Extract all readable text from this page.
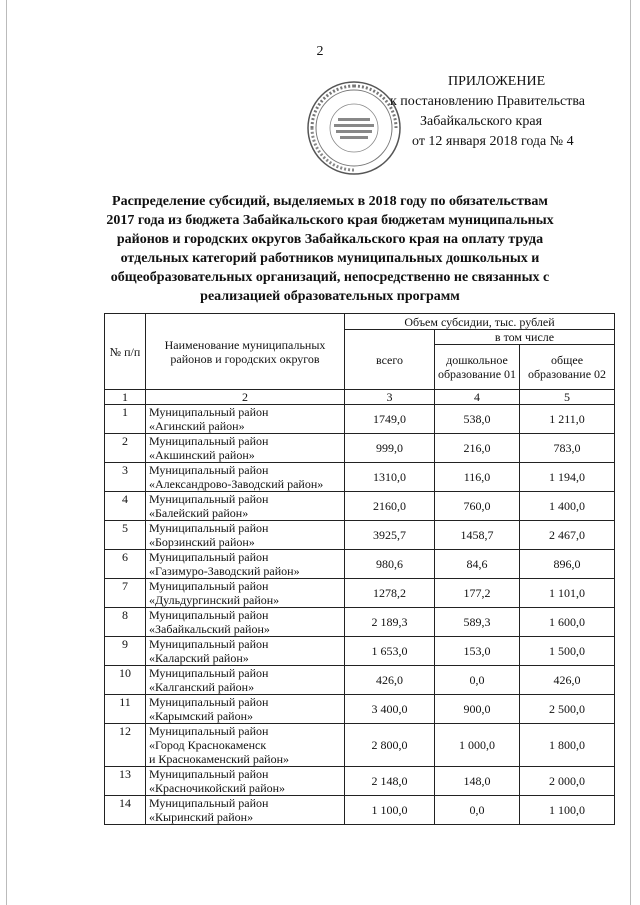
2
ПРИЛОЖЕНИЕ
к постановлению Правительства
Забайкальского края
от 12 января 2018 года № 4
Распределение субсидий, выделяемых в 2018 году по обязательствам 2017 года из бюджета Забайкальского края бюджетам муниципальных районов и городских округов Забайкальского края на оплату труда отдельных категорий работников муниципальных дошкольных и общеобразовательных организаций, непосредственно не связанных с реализацией образовательных программ
№ п/п	Наименование муниципальных районов и городских округов	Объем субсидии, тыс. рублей		
		всего	в том числе	
			дошкольное образование 01	общее образование 02
1	2	3	4	5
1	Муниципальный район
«Агинский район»	1749,0	538,0	1 211,0
2	Муниципальный район
«Акшинский район»	999,0	216,0	783,0
3	Муниципальный район
«Александрово-Заводский район»	1310,0	116,0	1 194,0
4	Муниципальный район
«Балейский район»	2160,0	760,0	1 400,0
5	Муниципальный район
«Борзинский район»	3925,7	1458,7	2 467,0
6	Муниципальный район
«Газимуро-Заводский район»	980,6	84,6	896,0
7	Муниципальный район
«Дульдургинский район»	1278,2	177,2	1 101,0
8	Муниципальный район
«Забайкальский район»	2 189,3	589,3	1 600,0
9	Муниципальный район
«Каларский район»	1 653,0	153,0	1 500,0
10	Муниципальный район
«Калганский район»	426,0	0,0	426,0
11	Муниципальный район
«Карымский район»	3 400,0	900,0	2 500,0
12	Муниципальный район
«Город Краснокаменск
и Краснокаменский район»	2 800,0	1 000,0	1 800,0
13	Муниципальный район
«Красночикойский район»	2 148,0	148,0	2 000,0
14	Муниципальный район
«Кыринский район»	1 100,0	0,0	1 100,0
